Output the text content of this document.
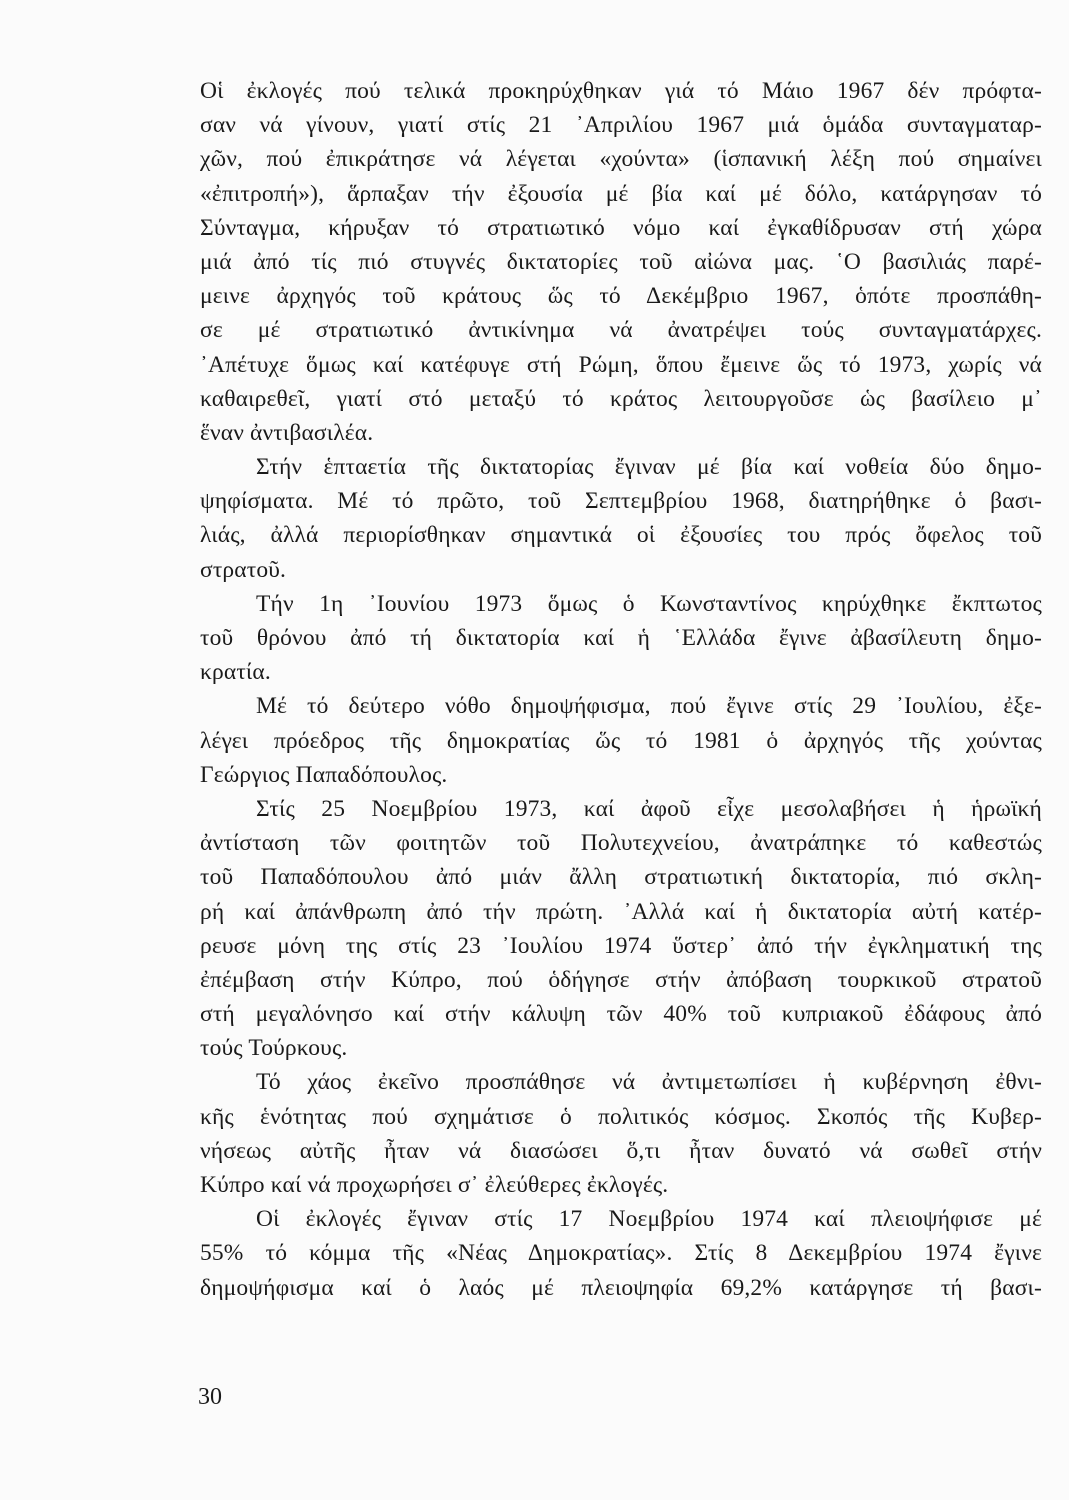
Οἱ ἐκλογές πού τελικά προκηρύχθηκαν γιά τό Μάιο 1967 δέν πρόφτα-
σαν νά γίνουν, γιατί στίς 21 ᾿Απριλίου 1967 μιά ὁμάδα συνταγματαρ-
χῶν, πού ἐπικράτησε νά λέγεται «χούντα» (ἱσπανική λέξη πού σημαίνει
«ἐπιτροπή»), ἅρπαξαν τήν ἐξουσία μέ βία καί μέ δόλο, κατάργησαν τό
Σύνταγμα, κήρυξαν τό στρατιωτικό νόμο καί ἐγκαθίδρυσαν στή χώρα
μιά ἀπό τίς πιό στυγνές δικτατορίες τοῦ αἰώνα μας. ῾Ο βασιλιάς παρέ-
μεινε ἀρχηγός τοῦ κράτους ὥς τό Δεκέμβριο 1967, ὁπότε προσπάθη-
σε μέ στρατιωτικό ἀντικίνημα νά ἀνατρέψει τούς συνταγματάρχες.
᾿Απέτυχε ὅμως καί κατέφυγε στή Ρώμη, ὅπου ἔμεινε ὥς τό 1973, χωρίς νά
καθαιρεθεῖ, γιατί στό μεταξύ τό κράτος λειτουργοῦσε ὡς βασίλειο μ᾿
ἕναν ἀντιβασιλέα.
Στήν ἑπταετία τῆς δικτατορίας ἔγιναν μέ βία καί νοθεία δύο δημο-
ψηφίσματα. Μέ τό πρῶτο, τοῦ Σεπτεμβρίου 1968, διατηρήθηκε ὁ βασι-
λιάς, ἀλλά περιορίσθηκαν σημαντικά οἱ ἐξουσίες του πρός ὄφελος τοῦ
στρατοῦ.
Τήν 1η ᾿Ιουνίου 1973 ὅμως ὁ Κωνσταντίνος κηρύχθηκε ἔκπτωτος
τοῦ θρόνου ἀπό τή δικτατορία καί ἡ ῾Ελλάδα ἔγινε ἀβασίλευτη δημο-
κρατία.
Μέ τό δεύτερο νόθο δημοψήφισμα, πού ἔγινε στίς 29 ᾿Ιουλίου, ἐξε-
λέγει πρόεδρος τῆς δημοκρατίας ὥς τό 1981 ὁ ἀρχηγός τῆς χούντας
Γεώργιος Παπαδόπουλος.
Στίς 25 Νοεμβρίου 1973, καί ἀφοῦ εἶχε μεσολαβήσει ἡ ἡρωϊκή
ἀντίσταση τῶν φοιτητῶν τοῦ Πολυτεχνείου, ἀνατράπηκε τό καθεστώς
τοῦ Παπαδόπουλου ἀπό μιάν ἄλλη στρατιωτική δικτατορία, πιό σκλη-
ρή καί ἀπάνθρωπη ἀπό τήν πρώτη. ᾿Αλλά καί ἡ δικτατορία αὐτή κατέρ-
ρευσε μόνη της στίς 23 ᾿Ιουλίου 1974 ὕστερ᾿ ἀπό τήν ἐγκληματική της
ἐπέμβαση στήν Κύπρο, πού ὁδήγησε στήν ἀπόβαση τουρκικοῦ στρατοῦ
στή μεγαλόνησο καί στήν κάλυψη τῶν 40% τοῦ κυπριακοῦ ἐδάφους ἀπό
τούς Τούρκους.
Τό χάος ἐκεῖνο προσπάθησε νά ἀντιμετωπίσει ἡ κυβέρνηση ἐθνι-
κῆς ἑνότητας πού σχημάτισε ὁ πολιτικός κόσμος. Σκοπός τῆς Κυβερ-
νήσεως αὐτῆς ἦταν νά διασώσει ὅ,τι ἦταν δυνατό νά σωθεῖ στήν
Κύπρο καί νά προχωρήσει σ᾿ ἐλεύθερες ἐκλογές.
Οἱ ἐκλογές ἔγιναν στίς 17 Νοεμβρίου 1974 καί πλειοψήφισε μέ
55% τό κόμμα τῆς «Νέας Δημοκρατίας». Στίς 8 Δεκεμβρίου 1974 ἔγινε
δημοψήφισμα καί ὁ λαός μέ πλειοψηφία 69,2% κατάργησε τή βασι-
30
